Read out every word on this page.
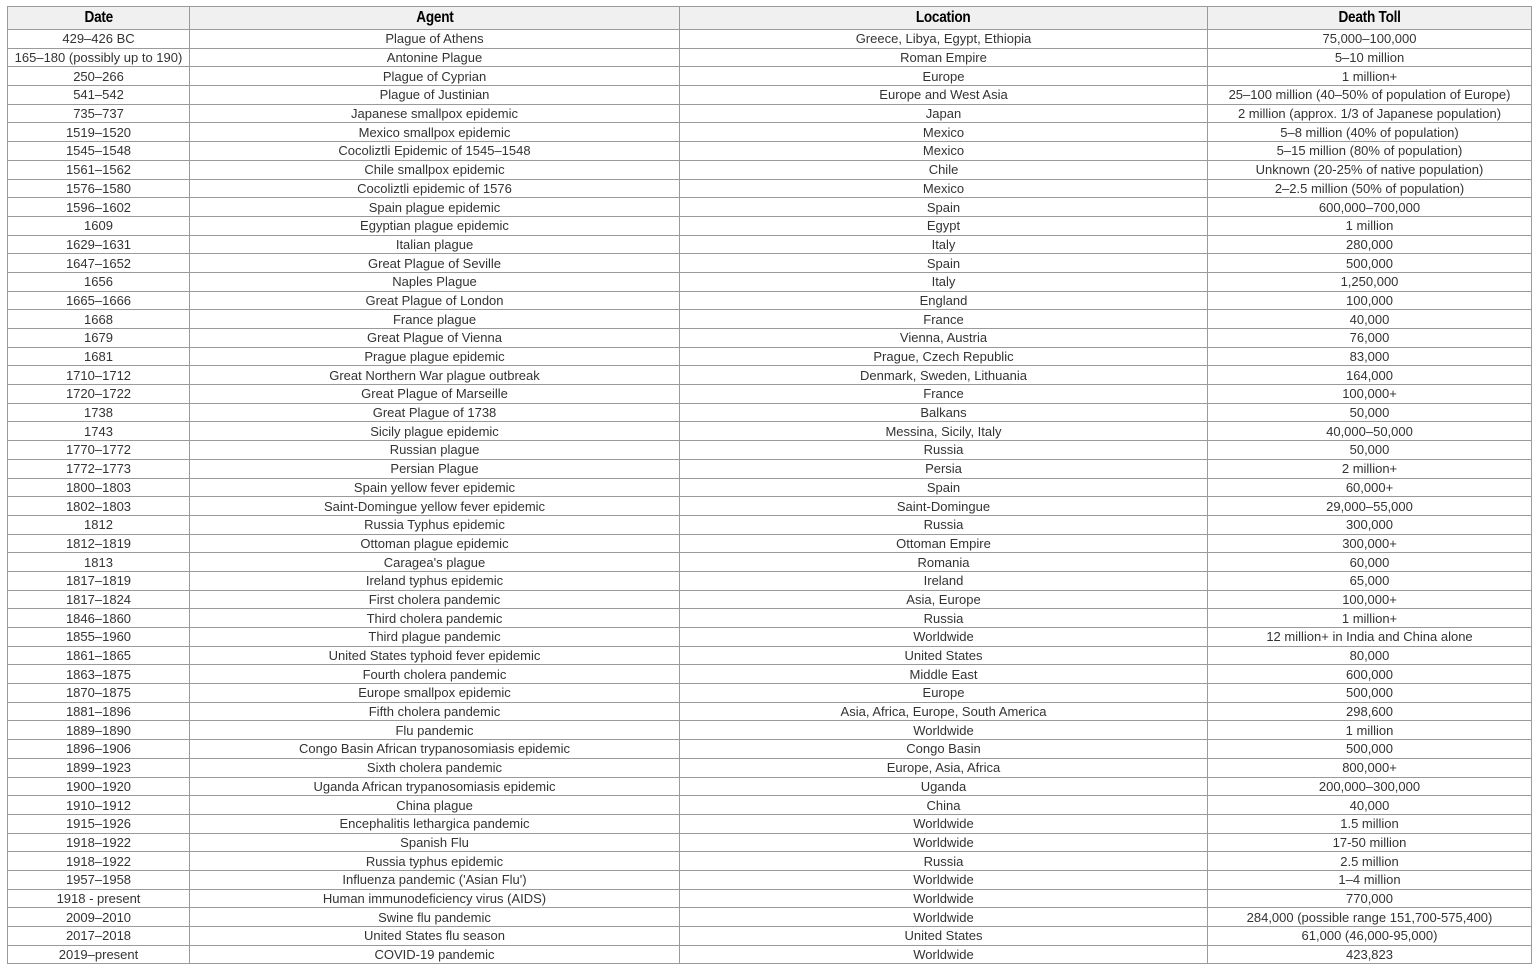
Date	Agent	Location	Death Toll
429–426 BC	Plague of Athens	Greece, Libya, Egypt, Ethiopia	75,000–100,000
165–180 (possibly up to 190)	Antonine Plague	Roman Empire	5–10 million
250–266	Plague of Cyprian	Europe	1 million+
541–542	Plague of Justinian	Europe and West Asia	25–100 million (40–50% of population of Europe)
735–737	Japanese smallpox epidemic	Japan	2 million (approx. 1/3 of Japanese population)
1519–1520	Mexico smallpox epidemic	Mexico	5–8 million (40% of population)
1545–1548	Cocoliztli Epidemic of 1545–1548	Mexico	5–15 million (80% of population)
1561–1562	Chile smallpox epidemic	Chile	Unknown (20-25% of native population)
1576–1580	Cocoliztli epidemic of 1576	Mexico	2–2.5 million (50% of population)
1596–1602	Spain plague epidemic	Spain	600,000–700,000
1609	Egyptian plague epidemic	Egypt	1 million
1629–1631	Italian plague	Italy	280,000
1647–1652	Great Plague of Seville	Spain	500,000
1656	Naples Plague	Italy	1,250,000
1665–1666	Great Plague of London	England	100,000
1668	France plague	France	40,000
1679	Great Plague of Vienna	Vienna, Austria	76,000
1681	Prague plague epidemic	Prague, Czech Republic	83,000
1710–1712	Great Northern War plague outbreak	Denmark, Sweden, Lithuania	164,000
1720–1722	Great Plague of Marseille	France	100,000+
1738	Great Plague of 1738	Balkans	50,000
1743	Sicily plague epidemic	Messina, Sicily, Italy	40,000–50,000
1770–1772	Russian plague	Russia	50,000
1772–1773	Persian Plague	Persia	2 million+
1800–1803	Spain yellow fever epidemic	Spain	60,000+
1802–1803	Saint-Domingue yellow fever epidemic	Saint-Domingue	29,000–55,000
1812	Russia Typhus epidemic	Russia	300,000
1812–1819	Ottoman plague epidemic	Ottoman Empire	300,000+
1813	Caragea's plague	Romania	60,000
1817–1819	Ireland typhus epidemic	Ireland	65,000
1817–1824	First cholera pandemic	Asia, Europe	100,000+
1846–1860	Third cholera pandemic	Russia	1 million+
1855–1960	Third plague pandemic	Worldwide	12 million+ in India and China alone
1861–1865	United States typhoid fever epidemic	United States	80,000
1863–1875	Fourth cholera pandemic	Middle East	600,000
1870–1875	Europe smallpox epidemic	Europe	500,000
1881–1896	Fifth cholera pandemic	Asia, Africa, Europe, South America	298,600
1889–1890	Flu pandemic	Worldwide	1 million
1896–1906	Congo Basin African trypanosomiasis epidemic	Congo Basin	500,000
1899–1923	Sixth cholera pandemic	Europe, Asia, Africa	800,000+
1900–1920	Uganda African trypanosomiasis epidemic	Uganda	200,000–300,000
1910–1912	China plague	China	40,000
1915–1926	Encephalitis lethargica pandemic	Worldwide	1.5 million
1918–1922	Spanish Flu	Worldwide	17-50 million
1918–1922	Russia typhus epidemic	Russia	2.5 million
1957–1958	Influenza pandemic ('Asian Flu')	Worldwide	1–4 million
1918 - present	Human immunodeficiency virus (AIDS)	Worldwide	770,000
2009–2010	Swine flu pandemic	Worldwide	284,000 (possible range 151,700-575,400)
2017–2018	United States flu season	United States	61,000 (46,000-95,000)
2019–present	COVID-19 pandemic	Worldwide	423,823
